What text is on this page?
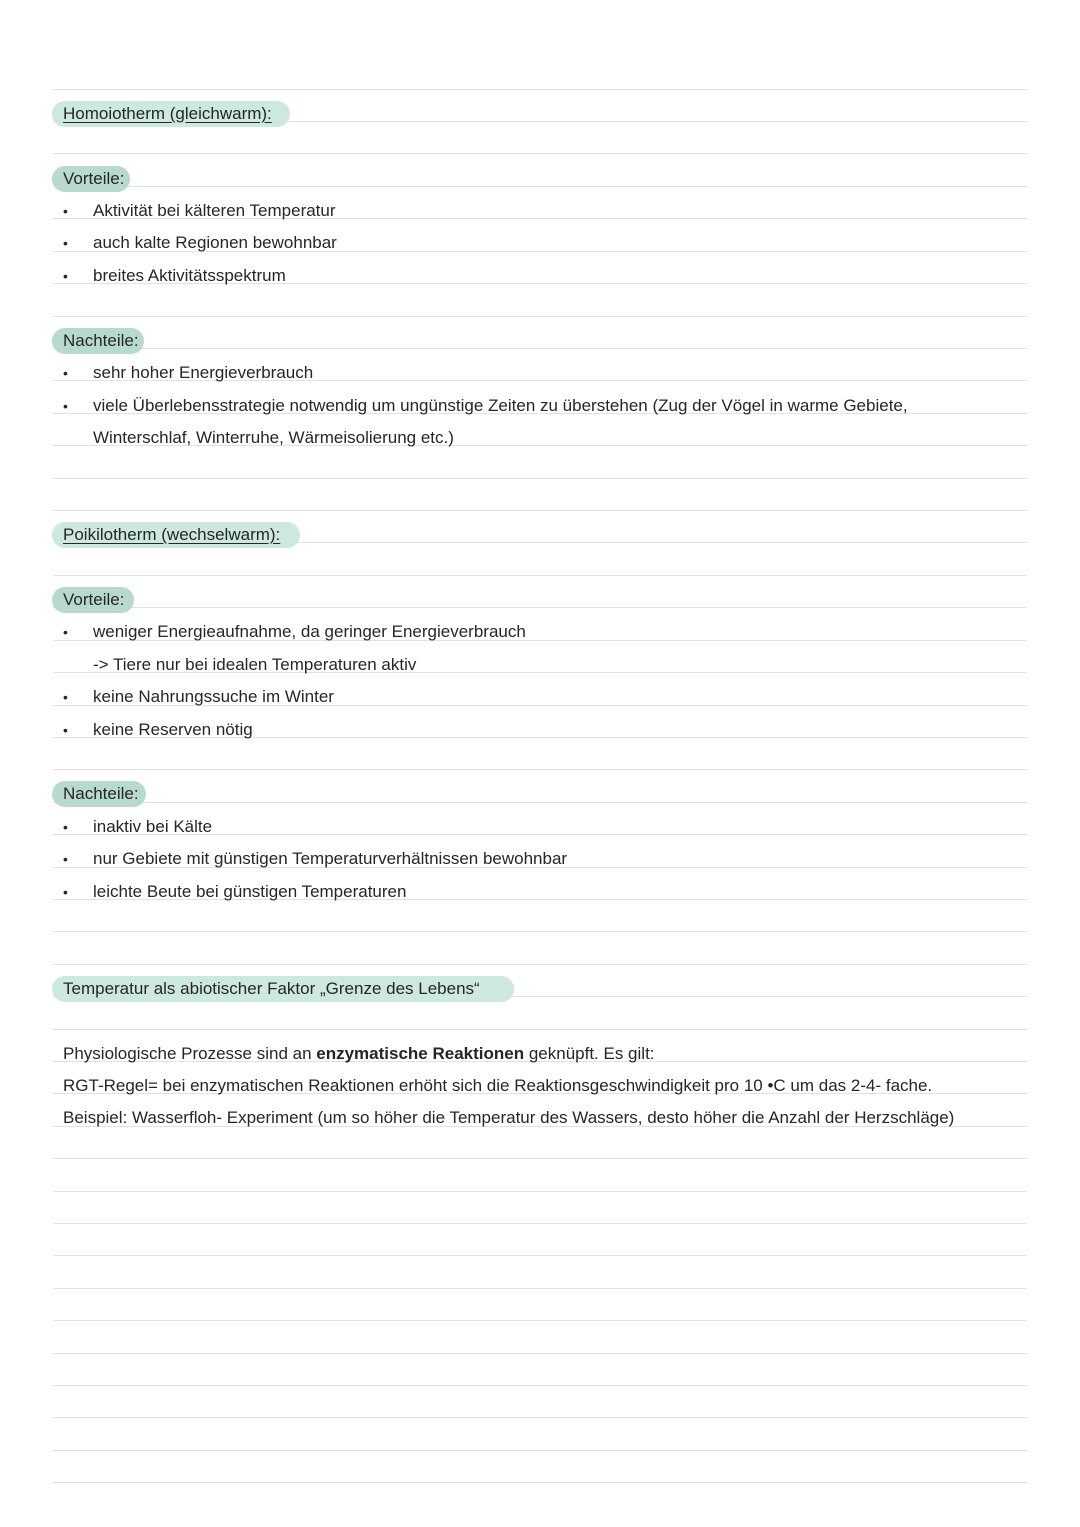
Homoiotherm (gleichwarm):
Vorteile:
• Aktivität bei kälteren Temperatur
• auch kalte Regionen bewohnbar
• breites Aktivitätsspektrum
Nachteile:
• sehr hoher Energieverbrauch
• viele Überlebensstrategie notwendig um ungünstige Zeiten zu überstehen (Zug der Vögel in warme Gebiete,
Winterschlaf, Winterruhe, Wärmeisolierung etc.)
Poikilotherm (wechselwarm):
Vorteile:
• weniger Energieaufnahme, da geringer Energieverbrauch
-> Tiere nur bei idealen Temperaturen aktiv
• keine Nahrungssuche im Winter
• keine Reserven nötig
Nachteile:
• inaktiv bei Kälte
• nur Gebiete mit günstigen Temperaturverhältnissen bewohnbar
• leichte Beute bei günstigen Temperaturen
Temperatur als abiotischer Faktor „Grenze des Lebens“
Physiologische Prozesse sind an enzymatische Reaktionen geknüpft. Es gilt:
RGT-Regel= bei enzymatischen Reaktionen erhöht sich die Reaktionsgeschwindigkeit pro 10 •C um das 2-4- fache.
Beispiel: Wasserfloh- Experiment (um so höher die Temperatur des Wassers, desto höher die Anzahl der Herzschläge)
